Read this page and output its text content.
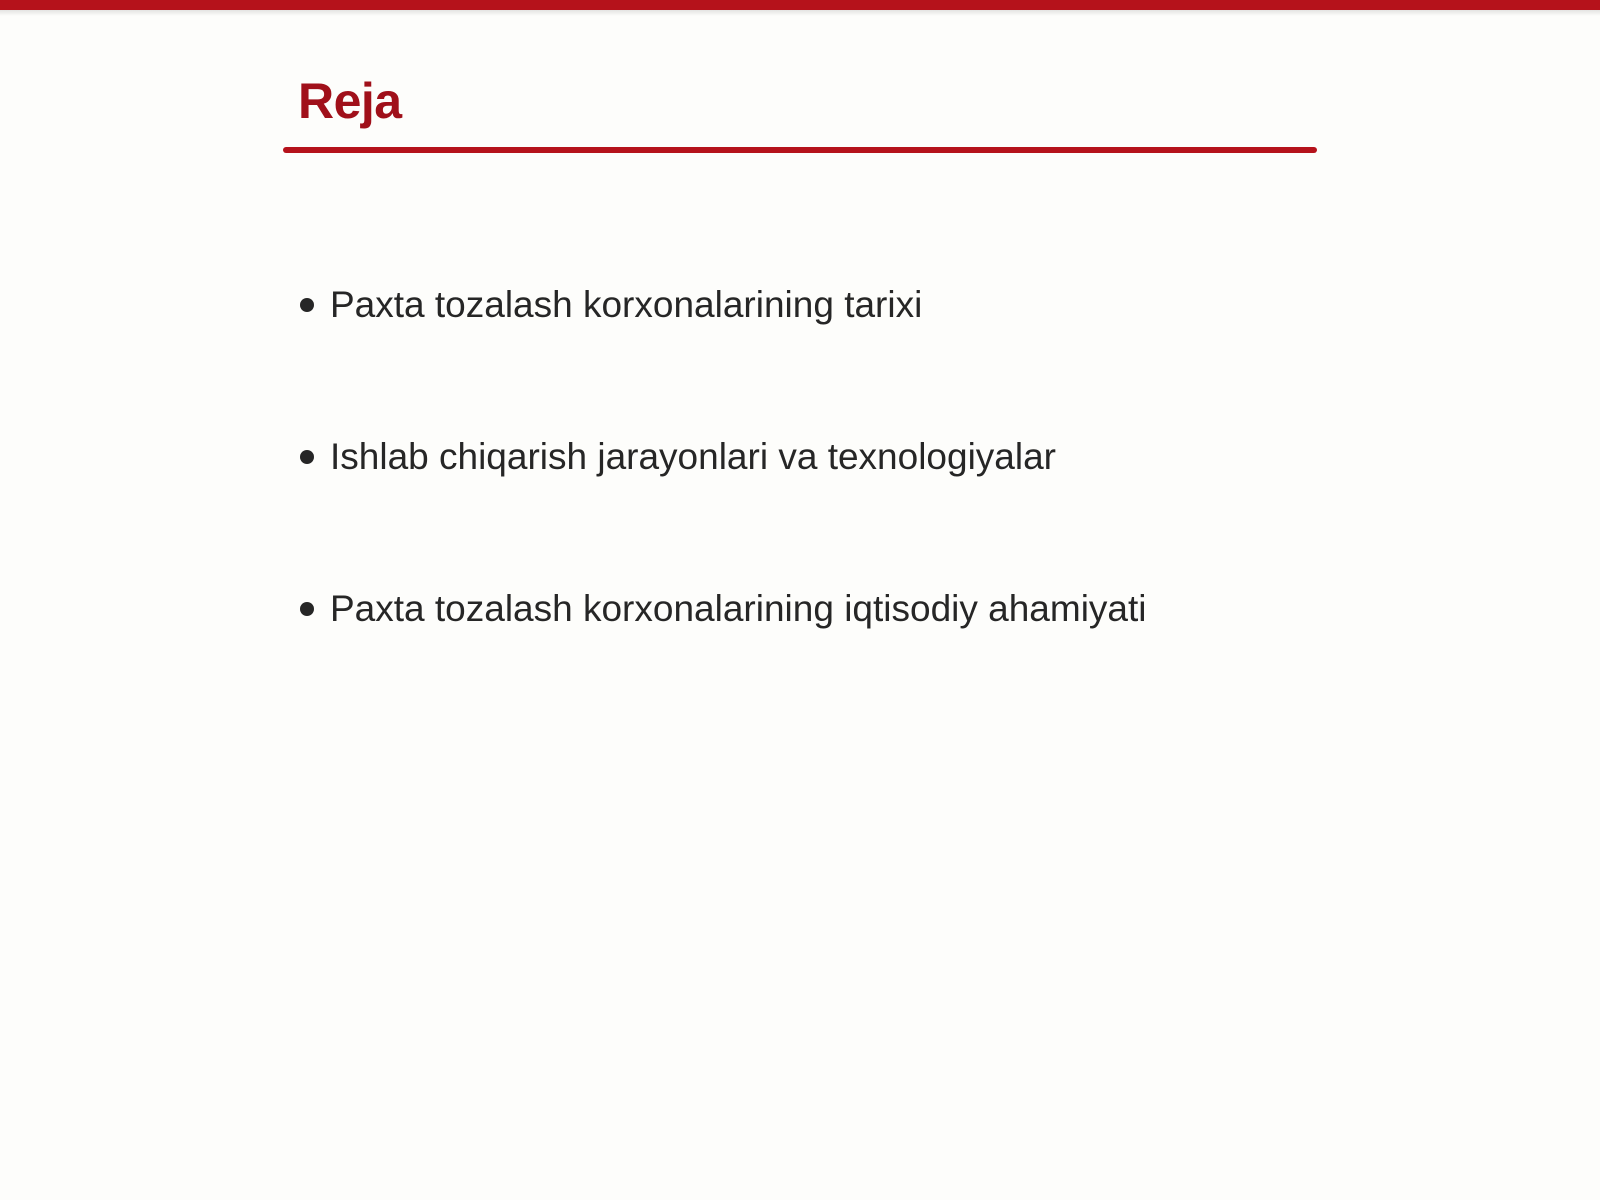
Reja
Paxta tozalash korxonalarining tarixi
Ishlab chiqarish jarayonlari va texnologiyalar
Paxta tozalash korxonalarining iqtisodiy ahamiyati
